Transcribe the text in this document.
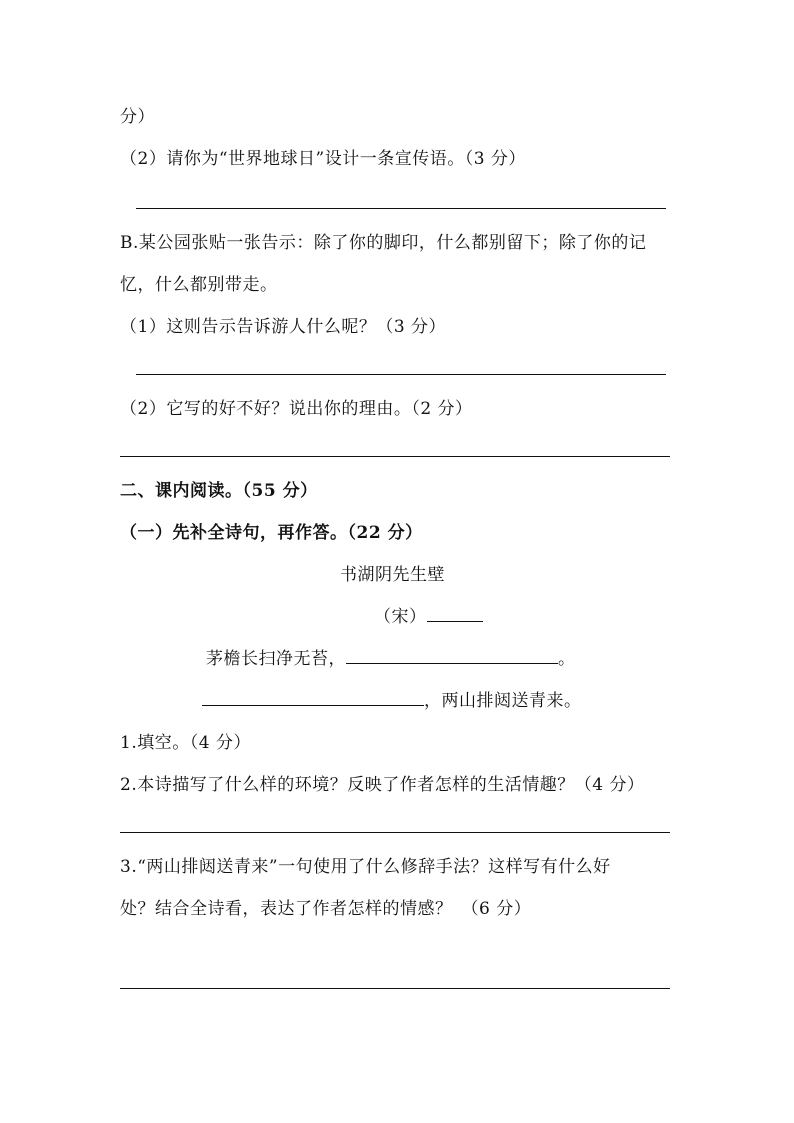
分）
（2）请你为“世界地球日”设计一条宣传语。（3 分）
B.某公园张贴一张告示：除了你的脚印，什么都别留下；除了你的记
忆，什么都别带走。
（1）这则告示告诉游人什么呢？（3 分）
（2）它写的好不好？说出你的理由。（2 分）
二、课内阅读。（55 分）
（一）先补全诗句，再作答。（22 分）
书湖阴先生壁
（宋）
茅檐长扫净无苔，	。
，两山排闼送青来。
1.填空。（4 分）
2.本诗描写了什么样的环境？反映了作者怎样的生活情趣？（4 分）
3.“两山排闼送青来”一句使用了什么修辞手法？这样写有什么好
处？结合全诗看，表达了作者怎样的情感？　（6 分）
